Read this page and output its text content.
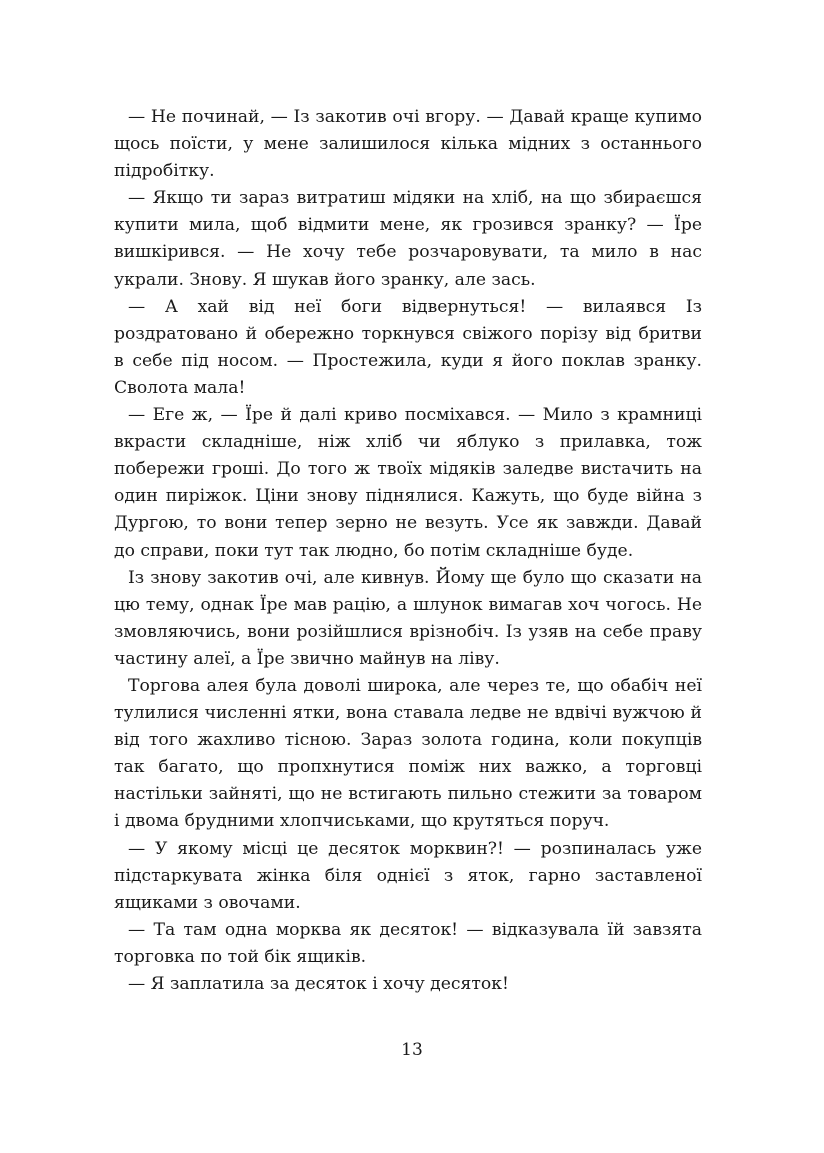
— Не починай, — Із закотив очі вгору. — Давай краще купимо щось поїсти, у мене залишилося кілька мідних з останнього підробітку.

— Якщо ти зараз витратиш мідяки на хліб, на що збираєшся купити мила, щоб відмити мене, як грозився зранку? — Їре вишкірився. — Не хочу тебе розчаровувати, та мило в нас украли. Знову. Я шукав його зранку, але зась.

— А хай від неї боги відвернуться! — вилаявся Із роздратовано й обережно торкнувся свіжого порізу від бритви в себе під носом. — Простежила, куди я його поклав зранку. Сволота мала!

— Еге ж, — Їре й далі криво посміхався. — Мило з крамниці вкрасти складніше, ніж хліб чи яблуко з прилавка, тож побережи гроші. До того ж твоїх мідяків заледве вистачить на один пиріжок. Ціни знову піднялися. Кажуть, що буде війна з Дургою, то вони тепер зерно не везуть. Усе як завжди. Давай до справи, поки тут так людно, бо потім складніше буде.

Із знову закотив очі, але кивнув. Йому ще було що сказати на цю тему, однак Їре мав рацію, а шлунок вимагав хоч чогось. Не змовляючись, вони розійшлися врізнобіч. Із узяв на себе праву частину алеї, а Їре звично майнув на ліву.

Торгова алея була доволі широка, але через те, що обабіч неї тулилися численні ятки, вона ставала ледве не вдвічі вужчою й від того жахливо тісною. Зараз золота година, коли покупців так багато, що пропхнутися поміж них важко, а торговці настільки зайняті, що не встигають пильно стежити за товаром і двома брудними хлопчиськами, що крутяться поруч.

— У якому місці це десяток морквин?! — розпиналась уже підстаркувата жінка біля однієї з яток, гарно заставленої ящиками з овочами.

— Та там одна морква як десяток! — відказувала їй завзята торговка по той бік ящиків.

— Я заплатила за десяток і хочу десяток!

13
